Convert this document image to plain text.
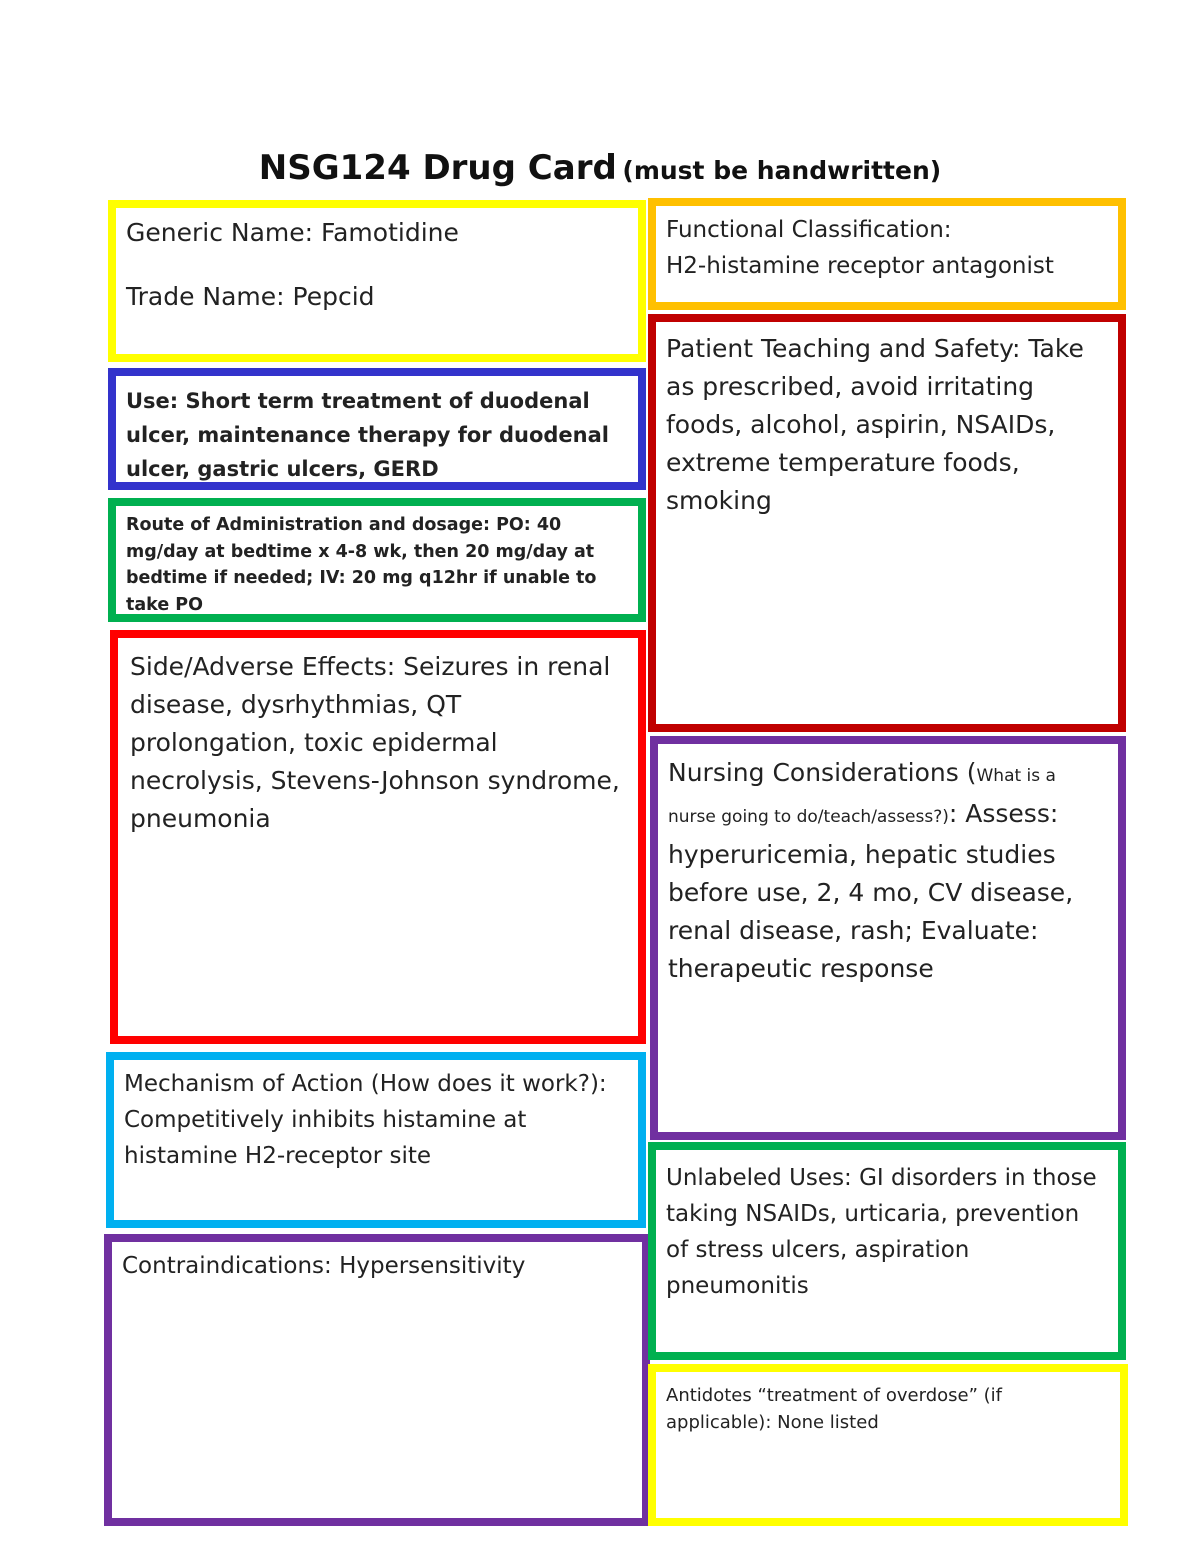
NSG124 Drug Card (must be handwritten)
Generic Name: Famotidine
Trade Name: Pepcid
Use: Short term treatment of duodenal ulcer, maintenance therapy for duodenal ulcer, gastric ulcers, GERD
Route of Administration and dosage: PO: 40 mg/day at bedtime x 4-8 wk, then 20 mg/day at bedtime if needed; IV: 20 mg q12hr if unable to take PO
Side/Adverse Effects: Seizures in renal disease, dysrhythmias, QT prolongation, toxic epidermal necrolysis, Stevens-Johnson syndrome, pneumonia
Mechanism of Action (How does it work?): Competitively inhibits histamine at histamine H2-receptor site
Contraindications: Hypersensitivity
Functional Classification:
H2-histamine receptor antagonist
Patient Teaching and Safety: Take as prescribed, avoid irritating foods, alcohol, aspirin, NSAIDs, extreme temperature foods, smoking
Nursing Considerations (What is a nurse going to do/teach/assess?): Assess: hyperuricemia, hepatic studies before use, 2, 4 mo, CV disease, renal disease, rash; Evaluate: therapeutic response
Unlabeled Uses: GI disorders in those taking NSAIDs, urticaria, prevention of stress ulcers, aspiration pneumonitis
Antidotes “treatment of overdose” (if applicable): None listed
